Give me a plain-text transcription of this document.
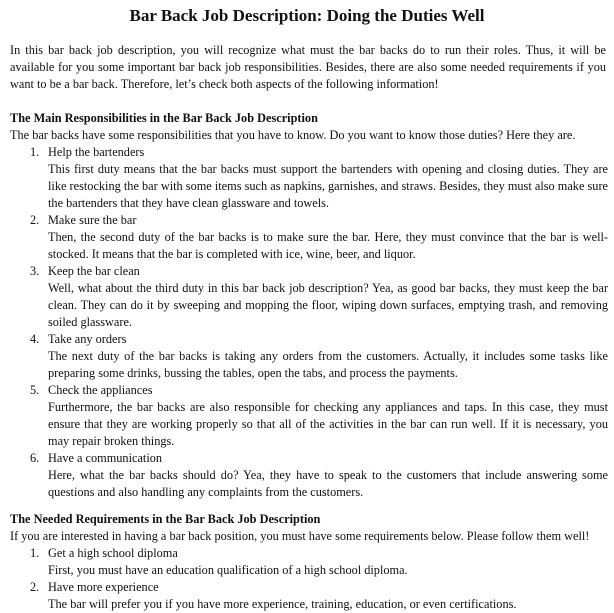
Bar Back Job Description: Doing the Duties Well

In this bar back job description, you will recognize what must the bar backs do to run their roles. Thus, it will be available for you some important bar back job responsibilities. Besides, there are also some needed requirements if you want to be a bar back. Therefore, let’s check both aspects of the following information!

The Main Responsibilities in the Bar Back Job Description

The bar backs have some responsibilities that you have to know. Do you want to know those duties? Here they are.

1. Help the bartenders
This first duty means that the bar backs must support the bartenders with opening and closing duties. They are like restocking the bar with some items such as napkins, garnishes, and straws. Besides, they must also make sure the bartenders that they have clean glassware and towels.
2. Make sure the bar
Then, the second duty of the bar backs is to make sure the bar. Here, they must convince that the bar is well-stocked. It means that the bar is completed with ice, wine, beer, and liquor.
3. Keep the bar clean
Well, what about the third duty in this bar back job description? Yea, as good bar backs, they must keep the bar clean. They can do it by sweeping and mopping the floor, wiping down surfaces, emptying trash, and removing soiled glassware.
4. Take any orders
The next duty of the bar backs is taking any orders from the customers. Actually, it includes some tasks like preparing some drinks, bussing the tables, open the tabs, and process the payments.
5. Check the appliances
Furthermore, the bar backs are also responsible for checking any appliances and taps. In this case, they must ensure that they are working properly so that all of the activities in the bar can run well. If it is necessary, you may repair broken things.
6. Have a communication
Here, what the bar backs should do? Yea, they have to speak to the customers that include answering some questions and also handling any complaints from the customers.
The Needed Requirements in the Bar Back Job Description

If you are interested in having a bar back position, you must have some requirements below. Please follow them well!

1. Get a high school diploma
First, you must have an education qualification of a high school diploma.
2. Have more experience
The bar will prefer you if you have more experience, training, education, or even certifications.
